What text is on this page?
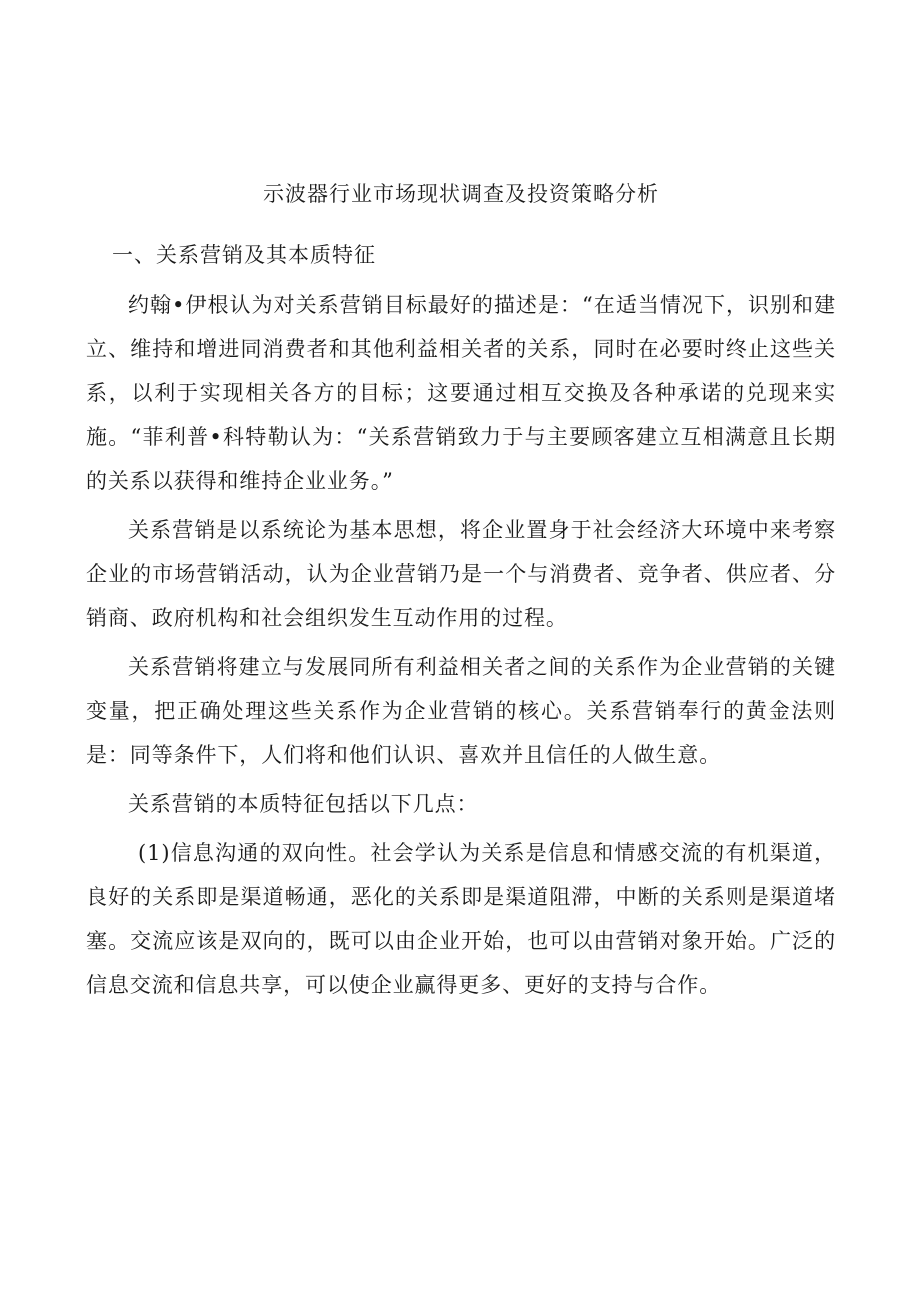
示波器行业市场现状调查及投资策略分析
一、关系营销及其本质特征

约翰•伊根认为对关系营销目标最好的描述是：“在适当情况下，识别和建立、维持和增进同消费者和其他利益相关者的关系，同时在必要时终止这些关系，以利于实现相关各方的目标；这要通过相互交换及各种承诺的兑现来实施。“菲利普•科特勒认为：“关系营销致力于与主要顾客建立互相满意且长期的关系以获得和维持企业业务。”

关系营销是以系统论为基本思想，将企业置身于社会经济大环境中来考察企业的市场营销活动，认为企业营销乃是一个与消费者、竞争者、供应者、分销商、政府机构和社会组织发生互动作用的过程。

关系营销将建立与发展同所有利益相关者之间的关系作为企业营销的关键变量，把正确处理这些关系作为企业营销的核心。关系营销奉行的黄金法则是：同等条件下，人们将和他们认识、喜欢并且信任的人做生意。

关系营销的本质特征包括以下几点：

(1)信息沟通的双向性。社会学认为关系是信息和情感交流的有机渠道，良好的关系即是渠道畅通，恶化的关系即是渠道阻滞，中断的关系则是渠道堵塞。交流应该是双向的，既可以由企业开始，也可以由营销对象开始。广泛的信息交流和信息共享，可以使企业赢得更多、更好的支持与合作。
